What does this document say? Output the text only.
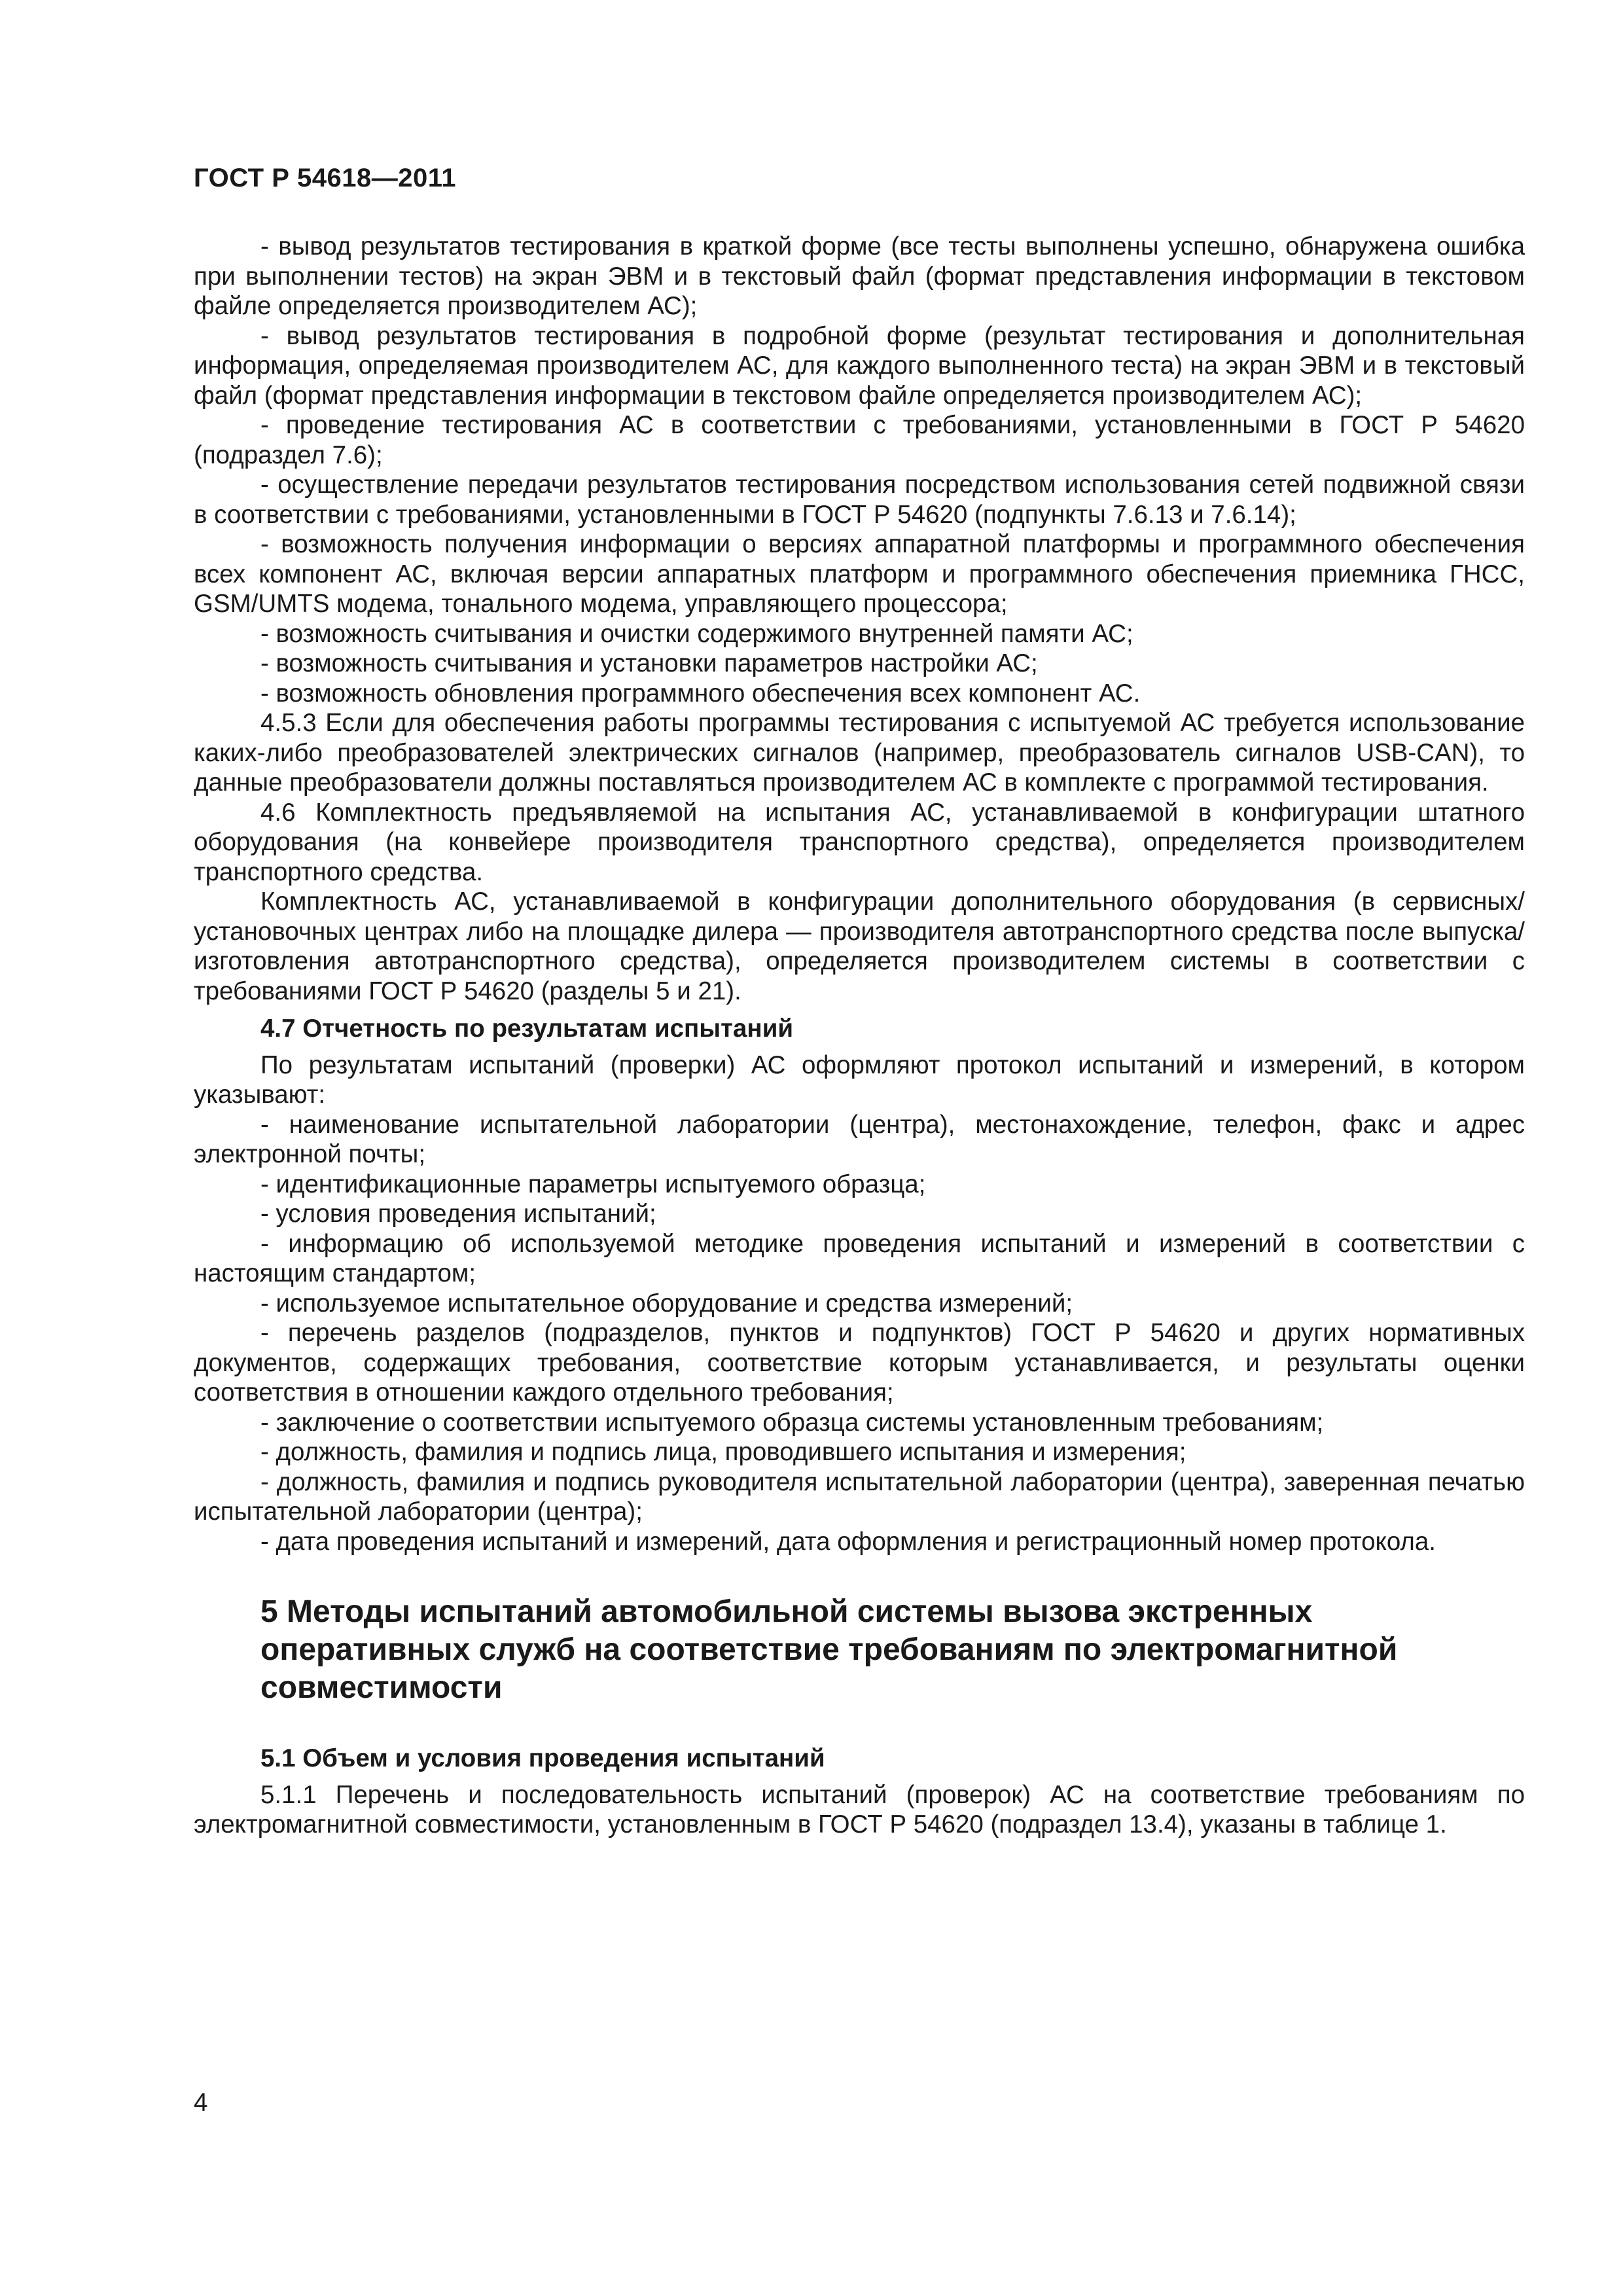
ГОСТ Р 54618—2011

- вывод результатов тестирования в краткой форме (все тесты выполнены успешно, обнаружена ошибка при выполнении тестов) на экран ЭВМ и в текстовый файл (формат представления информации в текстовом файле определяется производителем АС);

- вывод результатов тестирования в подробной форме (результат тестирования и дополнительная информация, определяемая производителем АС, для каждого выполненного теста) на экран ЭВМ и в текстовый файл (формат представления информации в текстовом файле определяется производителем АС);

- проведение тестирования АС в соответствии с требованиями, установленными в ГОСТ Р 54620 (подраздел 7.6);

- осуществление передачи результатов тестирования посредством использования сетей подвижной связи в соответствии с требованиями, установленными в ГОСТ Р 54620 (подпункты 7.6.13 и 7.6.14);

- возможность получения информации о версиях аппаратной платформы и программного обеспечения всех компонент АС, включая версии аппаратных платформ и программного обеспечения приемника ГНСС, GSM/UMTS модема, тонального модема, управляющего процессора;

- возможность считывания и очистки содержимого внутренней памяти АС;

- возможность считывания и установки параметров настройки АС;

- возможность обновления программного обеспечения всех компонент АС.

4.5.3 Если для обеспечения работы программы тестирования с испытуемой АС требуется использование каких-либо преобразователей электрических сигналов (например, преобразователь сигналов USB-CAN), то данные преобразователи должны поставляться производителем АС в комплекте с программой тестирования.

4.6 Комплектность предъявляемой на испытания АС, устанавливаемой в конфигурации штатного оборудования (на конвейере производителя транспортного средства), определяется производителем транспортного средства.

Комплектность АС, устанавливаемой в конфигурации дополнительного оборудования (в сервисных/установочных центрах либо на площадке дилера — производителя автотранспортного средства после выпуска/изготовления автотранспортного средства), определяется производителем системы в соответствии с требованиями ГОСТ Р 54620 (разделы 5 и 21).

4.7 Отчетность по результатам испытаний

По результатам испытаний (проверки) АС оформляют протокол испытаний и измерений, в котором указывают:

- наименование испытательной лаборатории (центра), местонахождение, телефон, факс и адрес электронной почты;

- идентификационные параметры испытуемого образца;

- условия проведения испытаний;

- информацию об используемой методике проведения испытаний и измерений в соответствии с настоящим стандартом;

- используемое испытательное оборудование и средства измерений;

- перечень разделов (подразделов, пунктов и подпунктов) ГОСТ Р 54620 и других нормативных документов, содержащих требования, соответствие которым устанавливается, и результаты оценки соответствия в отношении каждого отдельного требования;

- заключение о соответствии испытуемого образца системы установленным требованиям;

- должность, фамилия и подпись лица, проводившего испытания и измерения;

- должность, фамилия и подпись руководителя испытательной лаборатории (центра), заверенная печатью испытательной лаборатории (центра);

- дата проведения испытаний и измерений, дата оформления и регистрационный номер протокола.

5 Методы испытаний автомобильной системы вызова экстренных оперативных служб на соответствие требованиям по электромагнитной совместимости
5.1 Объем и условия проведения испытаний

5.1.1 Перечень и последовательность испытаний (проверок) АС на соответствие требованиям по электромагнитной совместимости, установленным в ГОСТ Р 54620 (подраздел 13.4), указаны в таблице 1.

4
